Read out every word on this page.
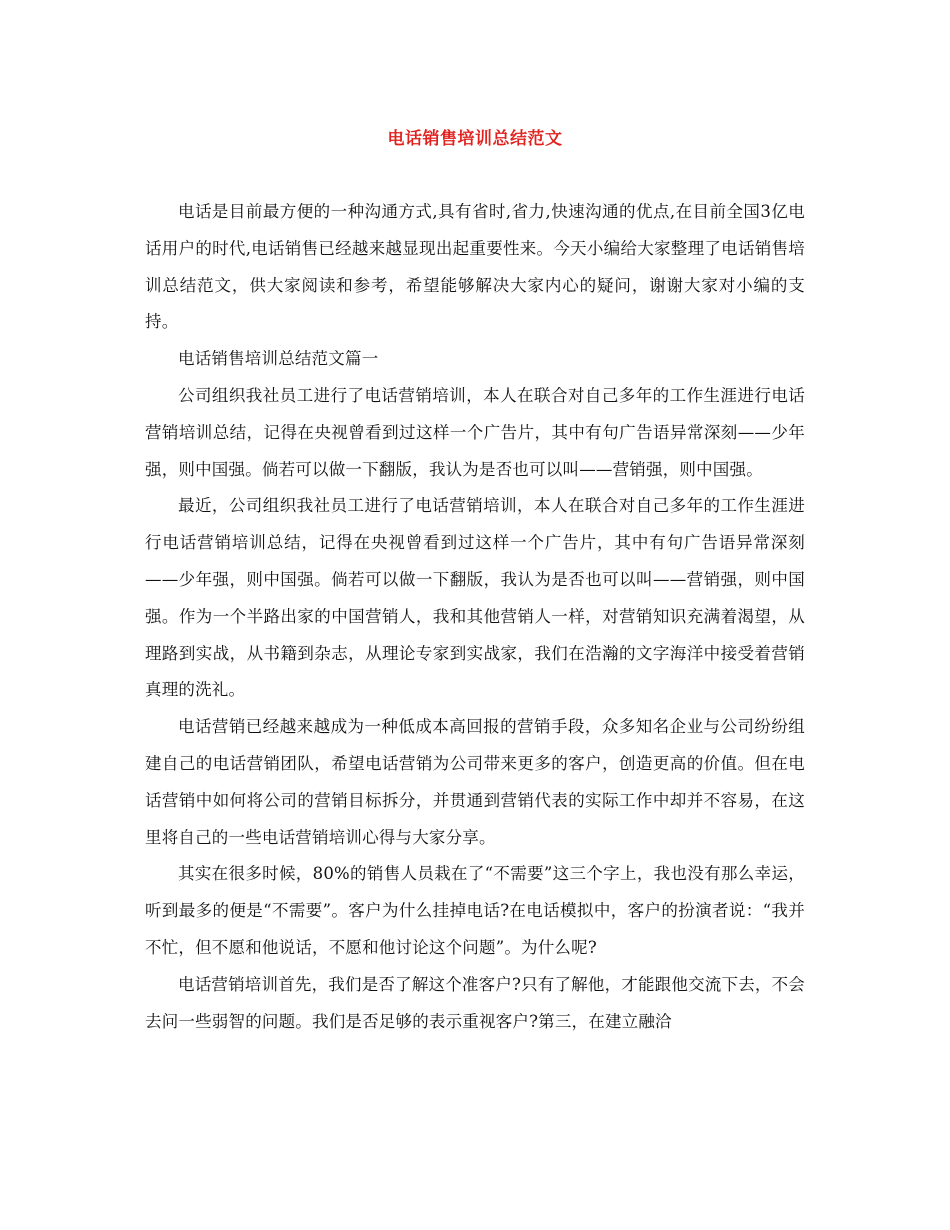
电话销售培训总结范文

电话是目前最方便的一种沟通方式,具有省时,省力,快速沟通的优点,在目前全国3亿电话用户的时代,电话销售已经越来越显现出起重要性来。今天小编给大家整理了电话销售培训总结范文，供大家阅读和参考，希望能够解决大家内心的疑问，谢谢大家对小编的支持。

电话销售培训总结范文篇一

公司组织我社员工进行了电话营销培训，本人在联合对自己多年的工作生涯进行电话营销培训总结，记得在央视曾看到过这样一个广告片，其中有句广告语异常深刻——少年强，则中国强。倘若可以做一下翻版，我认为是否也可以叫——营销强，则中国强。

最近，公司组织我社员工进行了电话营销培训，本人在联合对自己多年的工作生涯进行电话营销培训总结，记得在央视曾看到过这样一个广告片，其中有句广告语异常深刻——少年强，则中国强。倘若可以做一下翻版，我认为是否也可以叫——营销强，则中国强。作为一个半路出家的中国营销人，我和其他营销人一样，对营销知识充满着渴望，从理路到实战，从书籍到杂志，从理论专家到实战家，我们在浩瀚的文字海洋中接受着营销真理的洗礼。

电话营销已经越来越成为一种低成本高回报的营销手段，众多知名企业与公司纷纷组建自己的电话营销团队，希望电话营销为公司带来更多的客户，创造更高的价值。但在电话营销中如何将公司的营销目标拆分，并贯通到营销代表的实际工作中却并不容易，在这里将自己的一些电话营销培训心得与大家分享。

其实在很多时候，80%的销售人员栽在了“不需要”这三个字上，我也没有那么幸运，听到最多的便是“不需要”。客户为什么挂掉电话?在电话模拟中，客户的扮演者说：“我并不忙，但不愿和他说话，不愿和他讨论这个问题”。为什么呢?

电话营销培训首先，我们是否了解这个准客户?只有了解他，才能跟他交流下去，不会去问一些弱智的问题。我们是否足够的表示重视客户?第三，在建立融洽
